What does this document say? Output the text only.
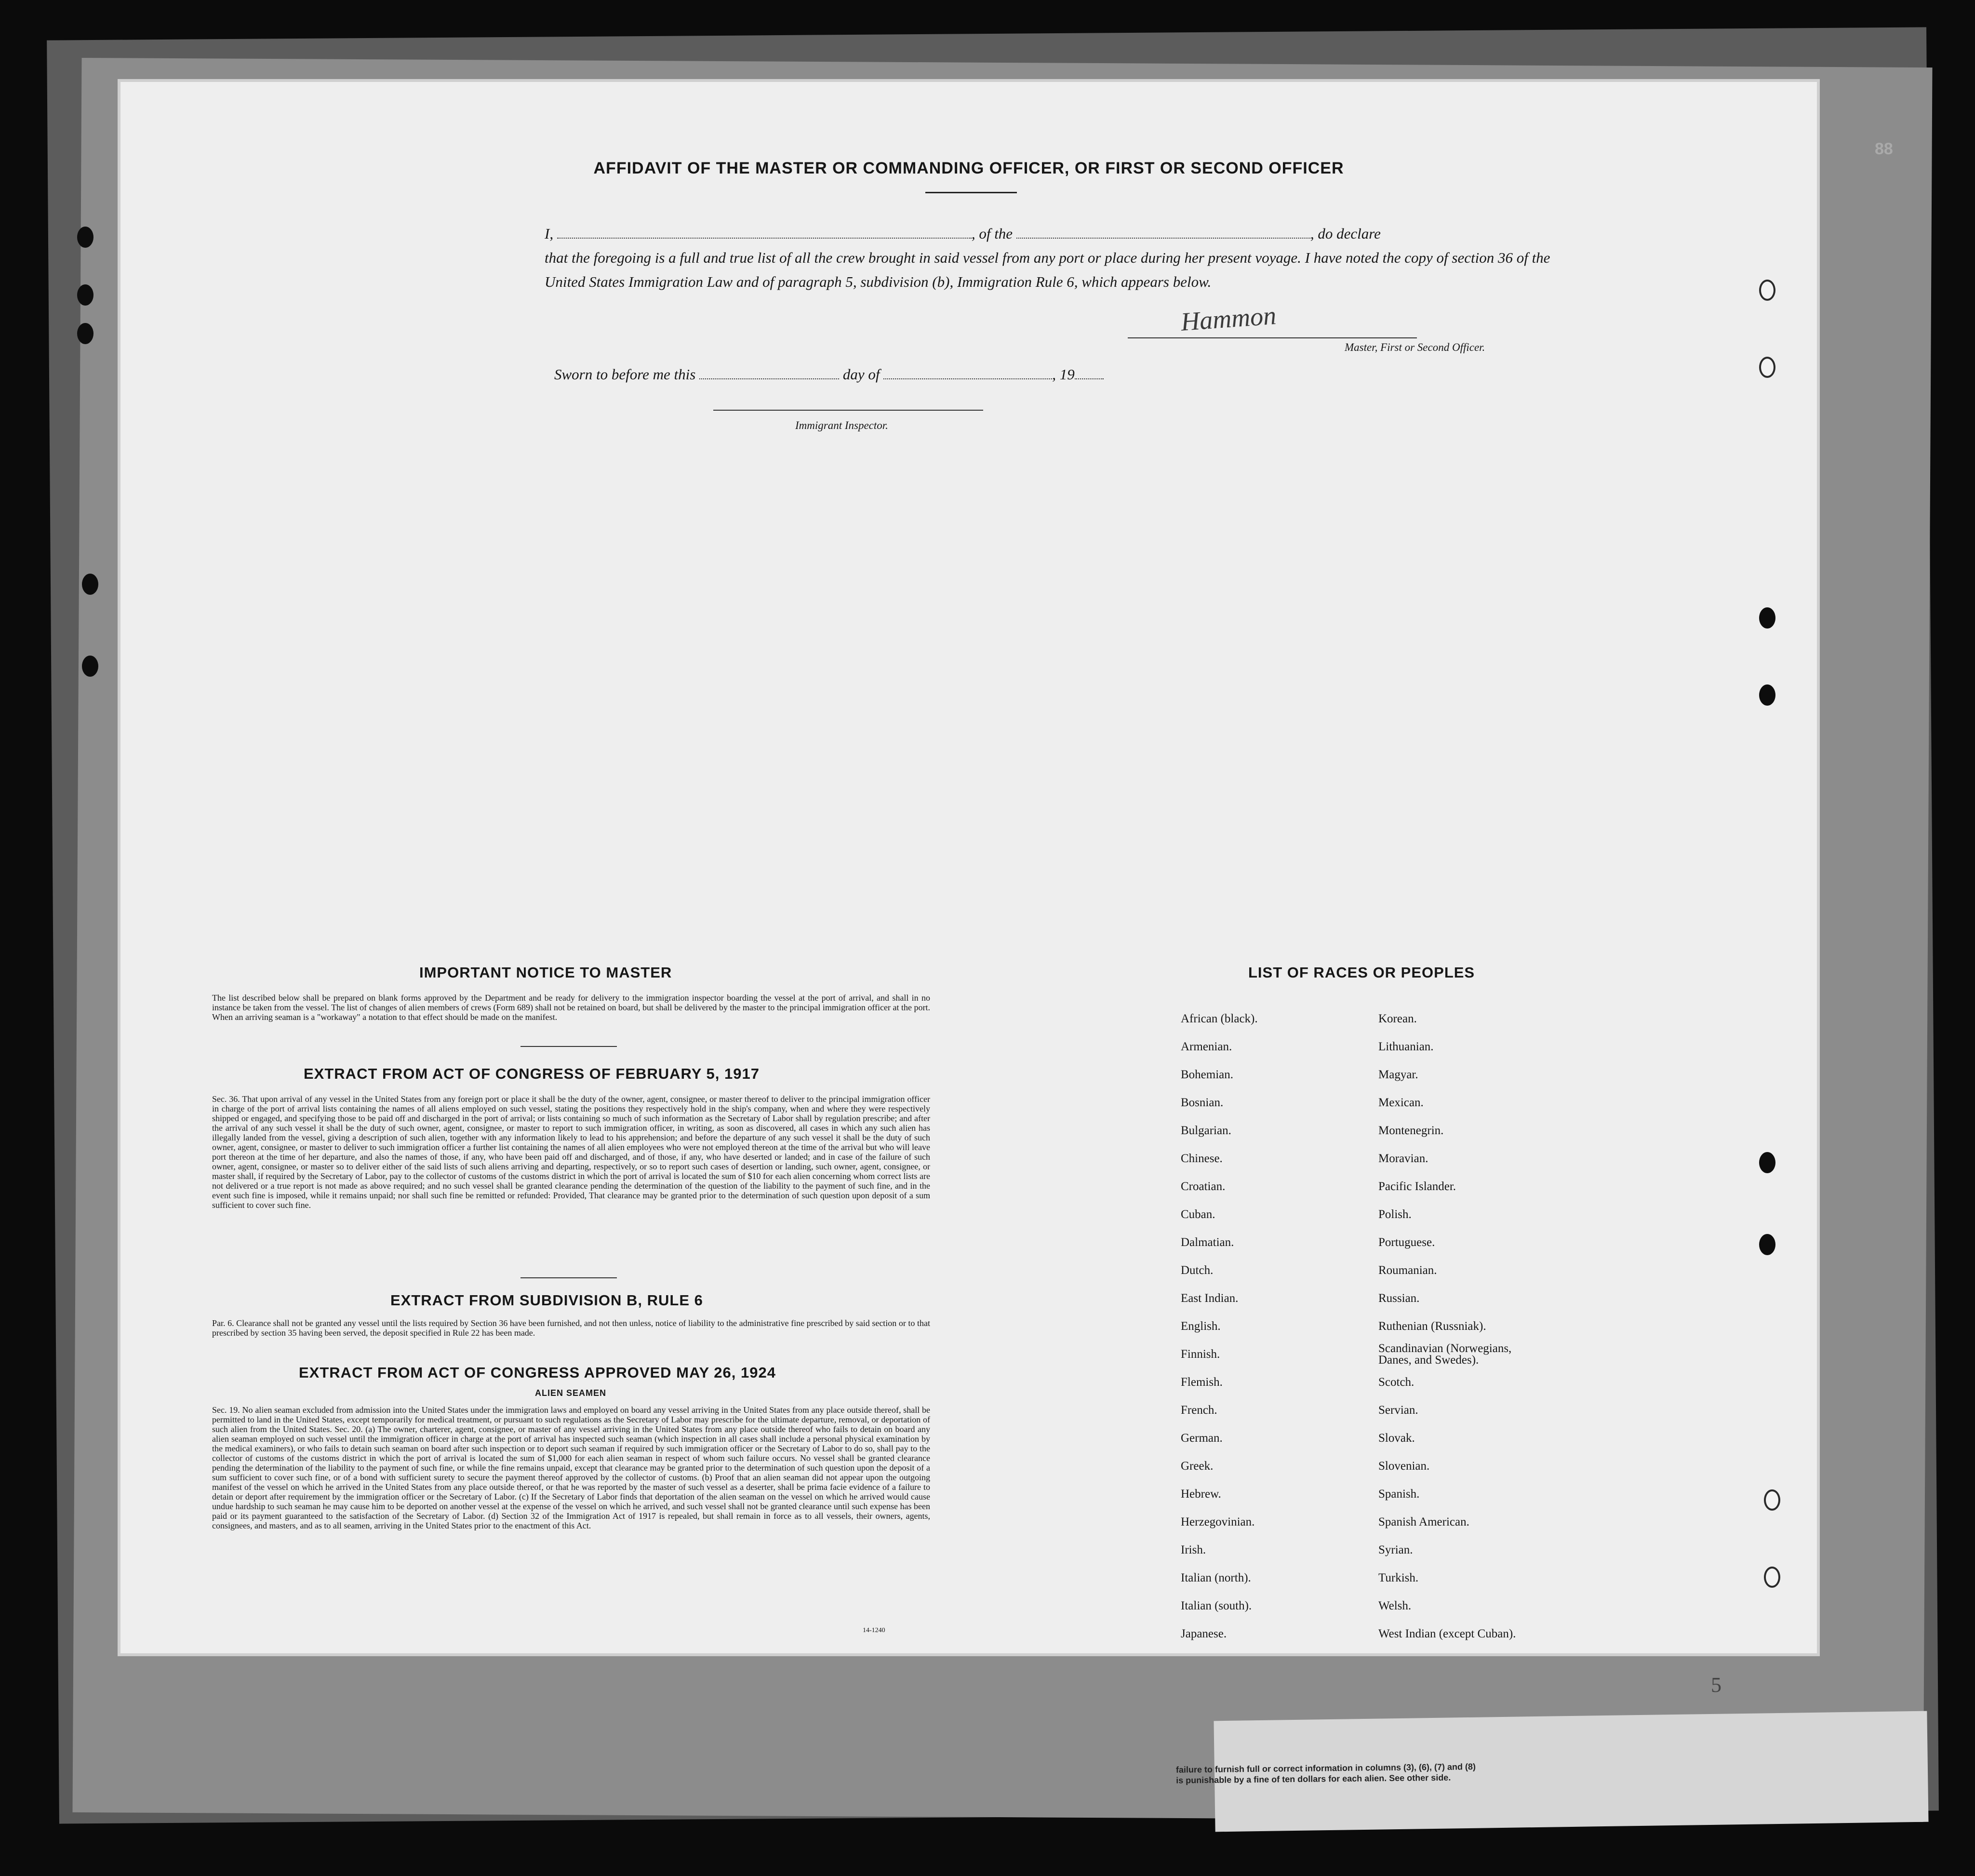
failure to furnish full or correct information in columns (3), (6), (7) and (8)
is punishable by a fine of ten dollars for each alien. See other side.
88
AFFIDAVIT OF THE MASTER OR COMMANDING OFFICER, OR FIRST OR SECOND OFFICER
I,	, of the	, do declare
that the foregoing is a full and true list of all the crew brought in said vessel from any port or place during her present voyage. I have noted the copy of section 36 of the United States Immigration Law and of paragraph 5, subdivision (b), Immigration Rule 6, which appears below.
Hammon
Master, First or Second Officer.
Sworn to before me this	day of	, 19
Immigrant Inspector.
IMPORTANT NOTICE TO MASTER
The list described below shall be prepared on blank forms approved by the Department and be ready for delivery to the immigration inspector boarding the vessel at the port of arrival, and shall in no instance be taken from the vessel. The list of changes of alien members of crews (Form 689) shall not be retained on board, but shall be delivered by the master to the principal immigration officer at the port. When an arriving seaman is a "workaway" a notation to that effect should be made on the manifest.
EXTRACT FROM ACT OF CONGRESS OF FEBRUARY 5, 1917
Sec. 36. That upon arrival of any vessel in the United States from any foreign port or place it shall be the duty of the owner, agent, consignee, or master thereof to deliver to the principal immigration officer in charge of the port of arrival lists containing the names of all aliens employed on such vessel, stating the positions they respectively hold in the ship's company, when and where they were respectively shipped or engaged, and specifying those to be paid off and discharged in the port of arrival; or lists containing so much of such information as the Secretary of Labor shall by regulation prescribe; and after the arrival of any such vessel it shall be the duty of such owner, agent, consignee, or master to report to such immigration officer, in writing, as soon as discovered, all cases in which any such alien has illegally landed from the vessel, giving a description of such alien, together with any information likely to lead to his apprehension; and before the departure of any such vessel it shall be the duty of such owner, agent, consignee, or master to deliver to such immigration officer a further list containing the names of all alien employees who were not employed thereon at the time of the arrival but who will leave port thereon at the time of her departure, and also the names of those, if any, who have been paid off and discharged, and of those, if any, who have deserted or landed; and in case of the failure of such owner, agent, consignee, or master so to deliver either of the said lists of such aliens arriving and departing, respectively, or so to report such cases of desertion or landing, such owner, agent, consignee, or master shall, if required by the Secretary of Labor, pay to the collector of customs of the customs district in which the port of arrival is located the sum of $10 for each alien concerning whom correct lists are not delivered or a true report is not made as above required; and no such vessel shall be granted clearance pending the determination of the question of the liability to the payment of such fine, and in the event such fine is imposed, while it remains unpaid; nor shall such fine be remitted or refunded: Provided, That clearance may be granted prior to the determination of such question upon deposit of a sum sufficient to cover such fine.
EXTRACT FROM SUBDIVISION B, RULE 6
Par. 6. Clearance shall not be granted any vessel until the lists required by Section 36 have been furnished, and not then unless, notice of liability to the administrative fine prescribed by said section or to that prescribed by section 35 having been served, the deposit specified in Rule 22 has been made.
EXTRACT FROM ACT OF CONGRESS APPROVED MAY 26, 1924
ALIEN SEAMEN
Sec. 19. No alien seaman excluded from admission into the United States under the immigration laws and employed on board any vessel arriving in the United States from any place outside thereof, shall be permitted to land in the United States, except temporarily for medical treatment, or pursuant to such regulations as the Secretary of Labor may prescribe for the ultimate departure, removal, or deportation of such alien from the United States. Sec. 20. (a) The owner, charterer, agent, consignee, or master of any vessel arriving in the United States from any place outside thereof who fails to detain on board any alien seaman employed on such vessel until the immigration officer in charge at the port of arrival has inspected such seaman (which inspection in all cases shall include a personal physical examination by the medical examiners), or who fails to detain such seaman on board after such inspection or to deport such seaman if required by such immigration officer or the Secretary of Labor to do so, shall pay to the collector of customs of the customs district in which the port of arrival is located the sum of $1,000 for each alien seaman in respect of whom such failure occurs. No vessel shall be granted clearance pending the determination of the liability to the payment of such fine, or while the fine remains unpaid, except that clearance may be granted prior to the determination of such question upon the deposit of a sum sufficient to cover such fine, or of a bond with sufficient surety to secure the payment thereof approved by the collector of customs. (b) Proof that an alien seaman did not appear upon the outgoing manifest of the vessel on which he arrived in the United States from any place outside thereof, or that he was reported by the master of such vessel as a deserter, shall be prima facie evidence of a failure to detain or deport after requirement by the immigration officer or the Secretary of Labor. (c) If the Secretary of Labor finds that deportation of the alien seaman on the vessel on which he arrived would cause undue hardship to such seaman he may cause him to be deported on another vessel at the expense of the vessel on which he arrived, and such vessel shall not be granted clearance until such expense has been paid or its payment guaranteed to the satisfaction of the Secretary of Labor. (d) Section 32 of the Immigration Act of 1917 is repealed, but shall remain in force as to all vessels, their owners, agents, consignees, and masters, and as to all seamen, arriving in the United States prior to the enactment of this Act.
14-1240
LIST OF RACES OR PEOPLES
African (black).
Armenian.
Bohemian.
Bosnian.
Bulgarian.
Chinese.
Croatian.
Cuban.
Dalmatian.
Dutch.
East Indian.
English.
Finnish.
Flemish.
French.
German.
Greek.
Hebrew.
Herzegovinian.
Irish.
Italian (north).
Italian (south).
Japanese.
Korean.
Lithuanian.
Magyar.
Mexican.
Montenegrin.
Moravian.
Pacific Islander.
Polish.
Portuguese.
Roumanian.
Russian.
Ruthenian (Russniak).
Scandinavian (Norwegians, Danes, and Swedes).
Scotch.
Servian.
Slovak.
Slovenian.
Spanish.
Spanish American.
Syrian.
Turkish.
Welsh.
West Indian (except Cuban).
5
